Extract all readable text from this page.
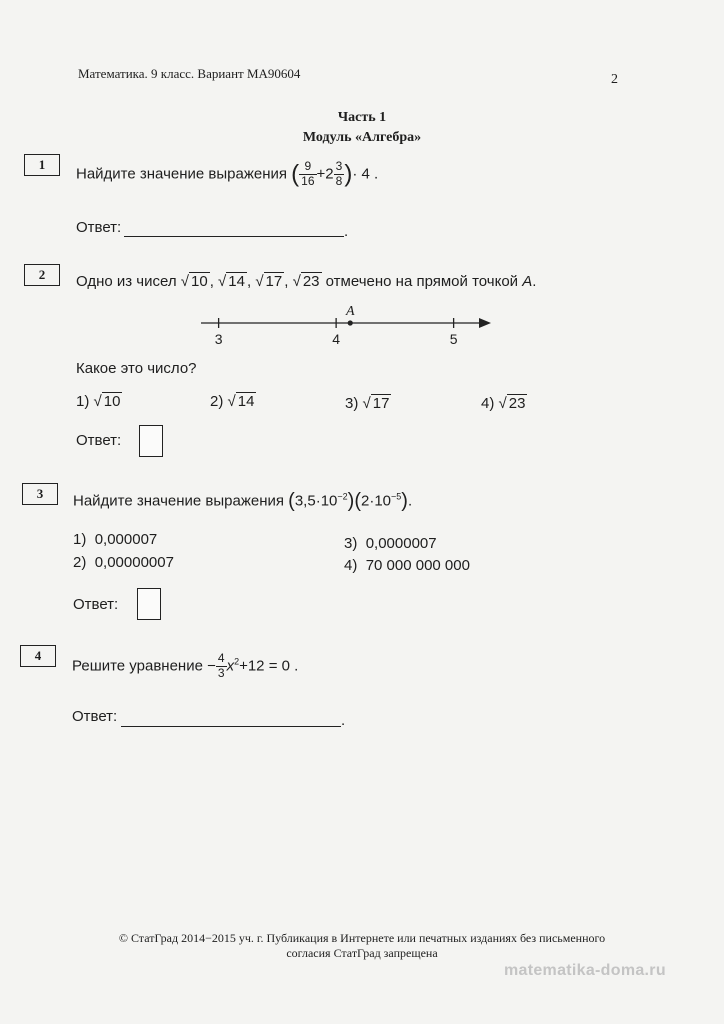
Математика. 9 класс. Вариант МА90604	2
Часть 1
Модуль «Алгебра»
1
Найдите значение выражения ( $\frac{9}{16} +2 \frac{3}{8}$ )· 4 .
Ответ:	.
2	Одно из чисел √ 10 , √ 14 , √ 17 , √ 23 отмечено на прямой точкой A.
3	4	5
A
Какое это число?
1) √ 10	2) √ 14	3) √ 17	4) √ 23
Ответ:
3	Найдите значение выражения $(3,5\cdot 10^{-2})(2\cdot 10^{-5})$.
1) 0,000007
2) 0,00000007
3) 0,0000007
4) 70 000 000 000
Ответ:
4
Решите уравнение − $\frac{4}{3} x^2+12 = 0$ .
Ответ:	.
© СтатГрад 2014−2015 уч. г. Публикация в Интернете или печатных изданиях без письменного
согласия СтатГрад запрещена
matematika-doma.ru
